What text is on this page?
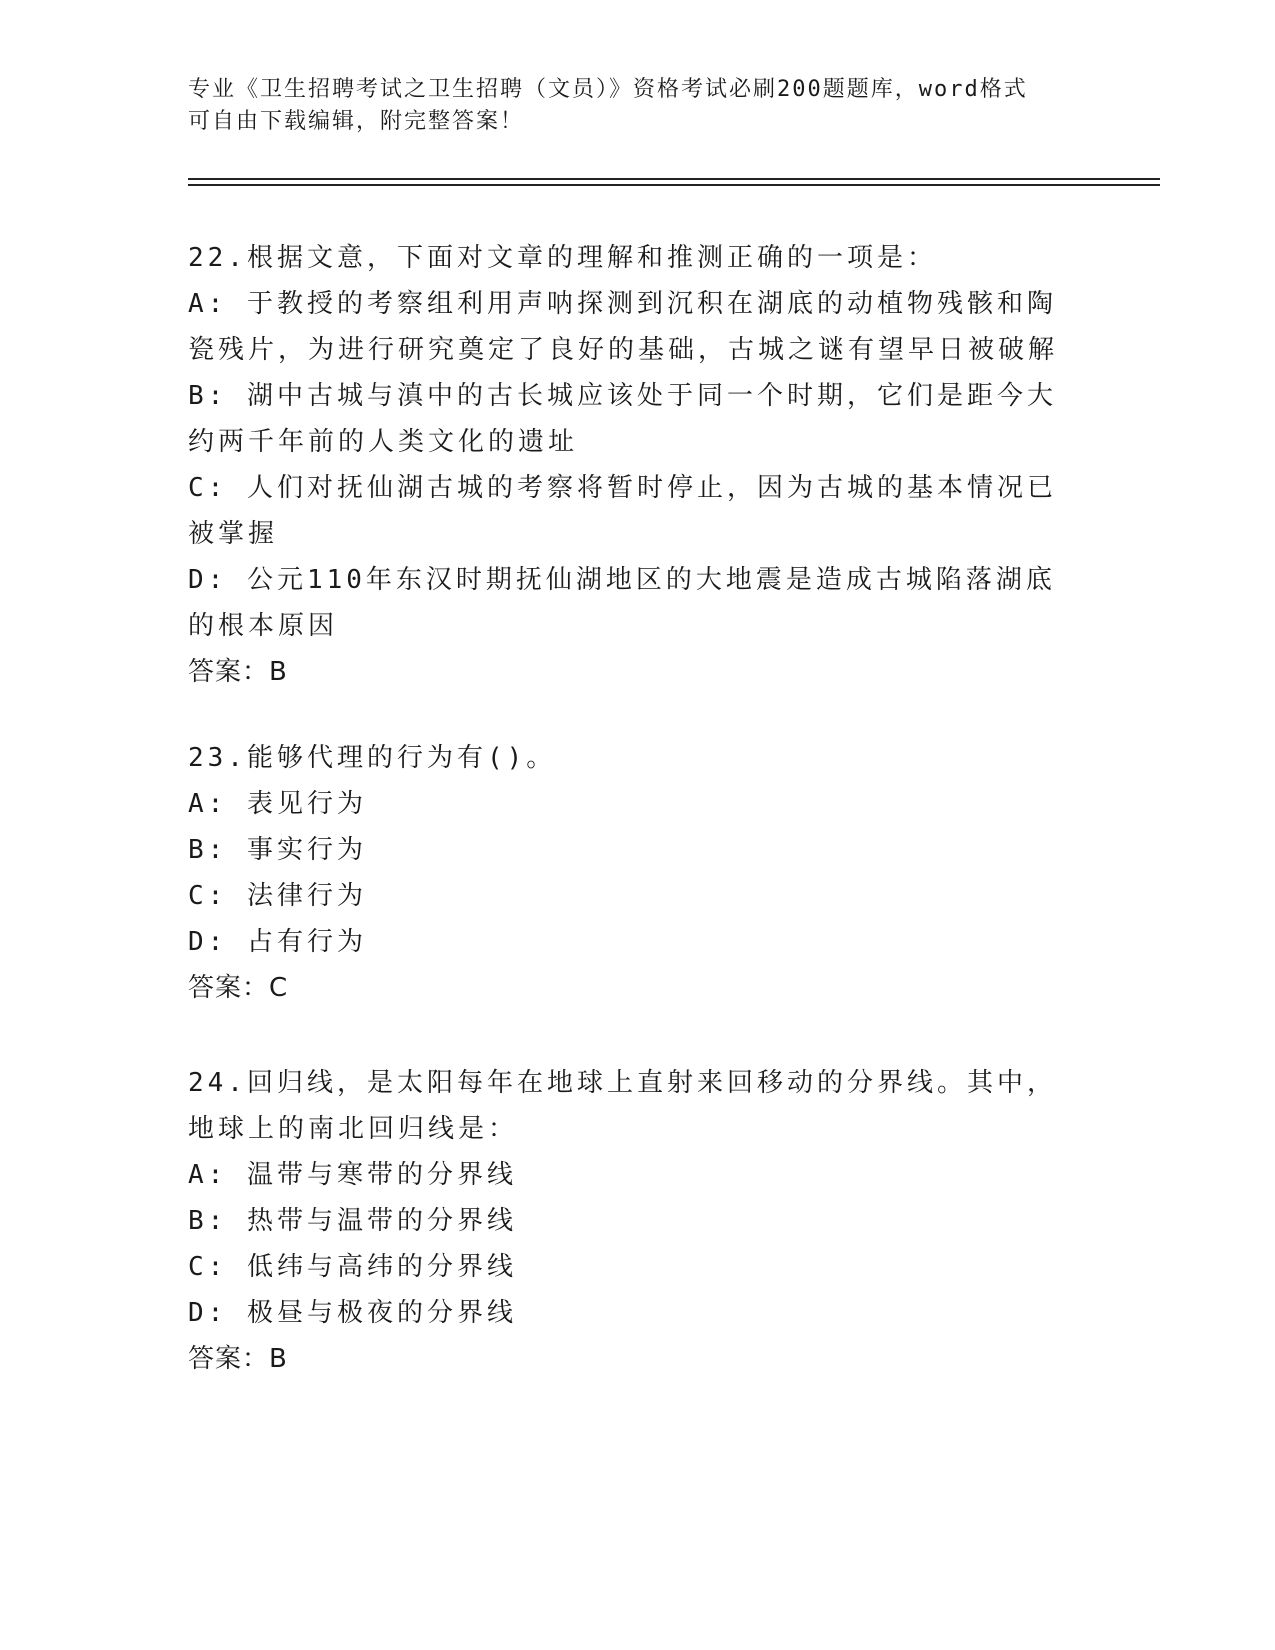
专业《卫生招聘考试之卫生招聘（文员）》资格考试必刷200题题库，word格式

可自由下载编辑，附完整答案！

22.根据文意，下面对文章的理解和推测正确的一项是：

A: 于教授的考察组利用声呐探测到沉积在湖底的动植物残骸和陶瓷残片，为进行研究奠定了良好的基础，古城之谜有望早日被破解

B: 湖中古城与滇中的古长城应该处于同一个时期，它们是距今大约两千年前的人类文化的遗址

C: 人们对抚仙湖古城的考察将暂时停止，因为古城的基本情况已被掌握

D: 公元110年东汉时期抚仙湖地区的大地震是造成古城陷落湖底的根本原因

答案：B

23.能够代理的行为有()。

A: 表见行为

B: 事实行为

C: 法律行为

D: 占有行为

答案：C

24.回归线，是太阳每年在地球上直射来回移动的分界线。其中，地球上的南北回归线是：

A: 温带与寒带的分界线

B: 热带与温带的分界线

C: 低纬与高纬的分界线

D: 极昼与极夜的分界线

答案：B
